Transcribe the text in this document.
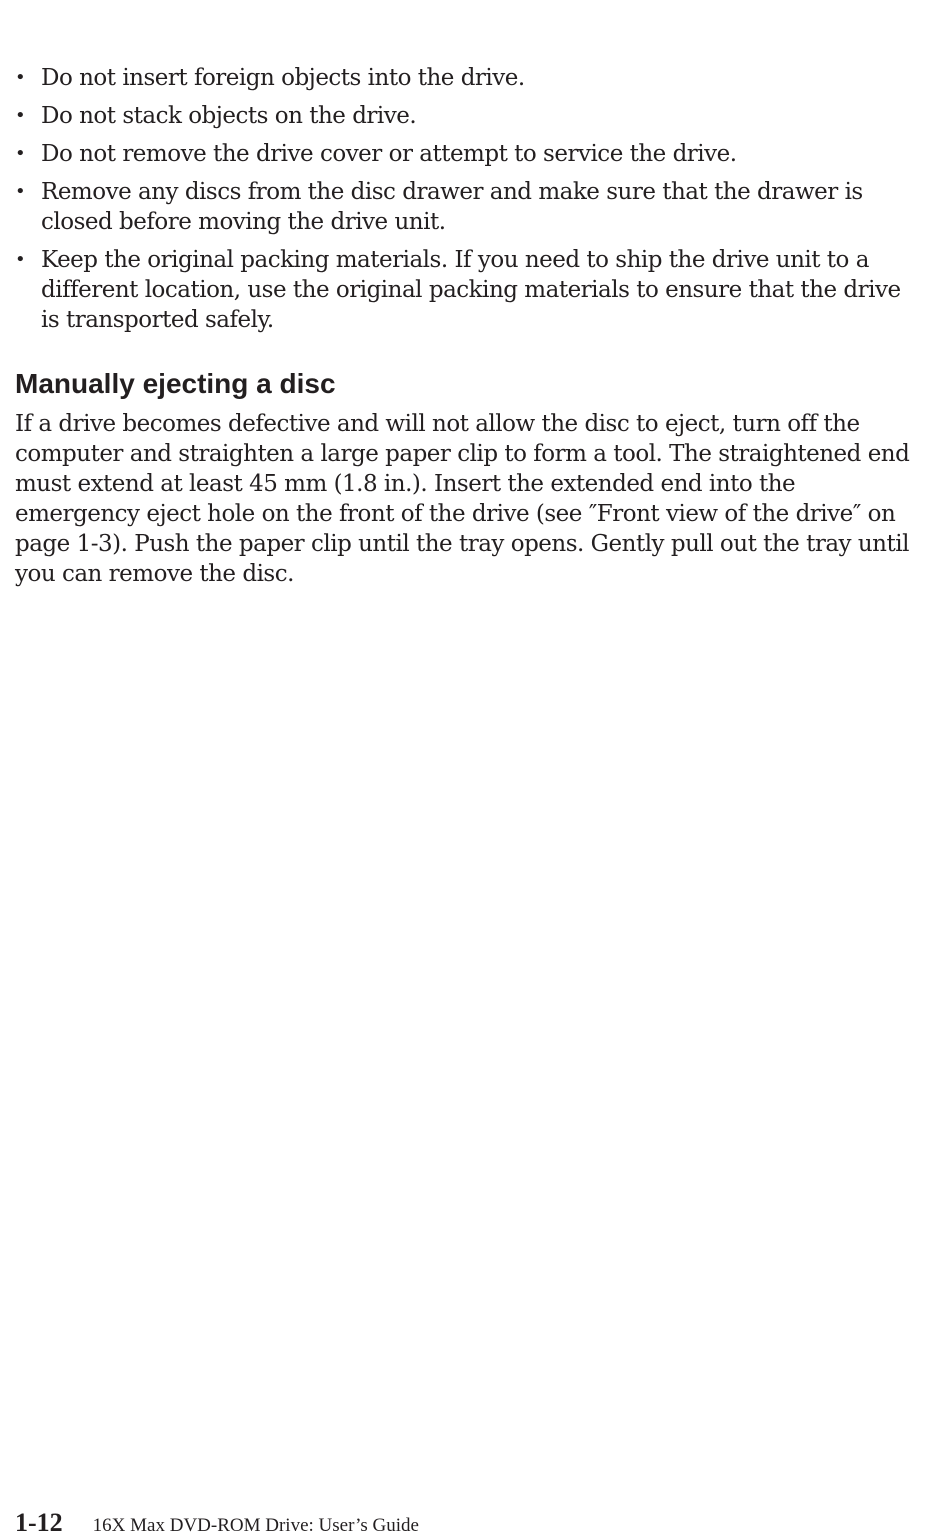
• Do not insert foreign objects into the drive.
• Do not stack objects on the drive.
• Do not remove the drive cover or attempt to service the drive.
• Remove any discs from the disc drawer and make sure that the drawer is closed before moving the drive unit.
• Keep the original packing materials. If you need to ship the drive unit to a different location, use the original packing materials to ensure that the drive is transported safely.
Manually ejecting a disc

If a drive becomes defective and will not allow the disc to eject, turn off the computer and straighten a large paper clip to form a tool. The straightened end must extend at least 45 mm (1.8 in.). Insert the extended end into the emergency eject hole on the front of the drive (see ″Front view of the drive″ on page 1-3). Push the paper clip until the tray opens. Gently pull out the tray until you can remove the disc.

1-12 16X Max DVD-ROM Drive: User’s Guide
